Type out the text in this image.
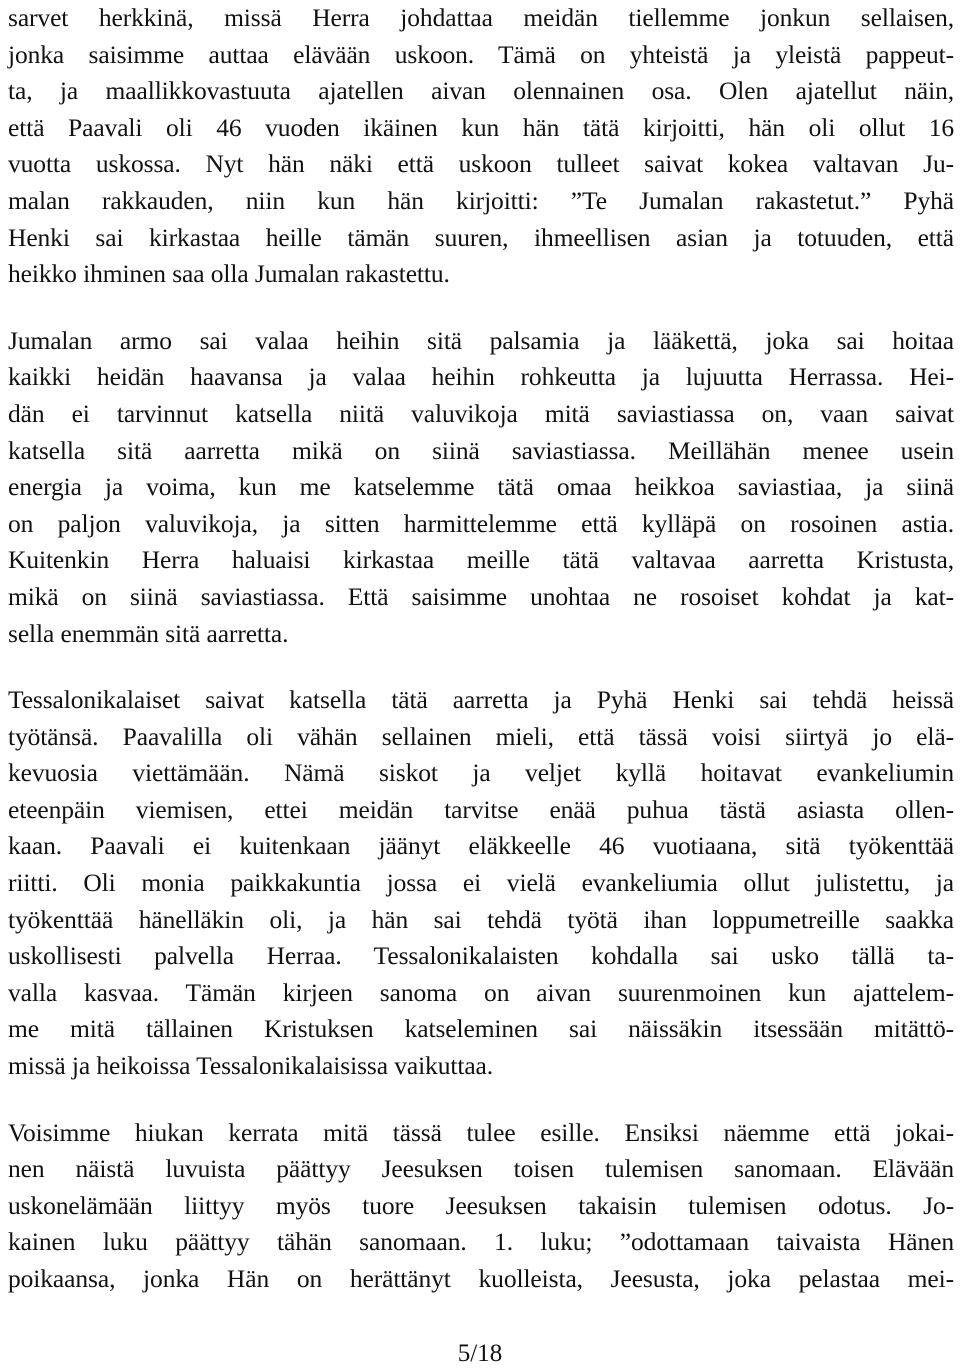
sarvet herkkinä, missä Herra johdattaa meidän tiellemme jonkun sellaisen,
jonka saisimme auttaa elävään uskoon. Tämä on yhteistä ja yleistä pappeut-
ta, ja maallikkovastuuta ajatellen aivan olennainen osa. Olen ajatellut näin,
että Paavali oli 46 vuoden ikäinen kun hän tätä kirjoitti, hän oli ollut 16
vuotta uskossa. Nyt hän näki että uskoon tulleet saivat kokea valtavan Ju-
malan rakkauden, niin kun hän kirjoitti: ”Te Jumalan rakastetut.” Pyhä
Henki sai kirkastaa heille tämän suuren, ihmeellisen asian ja totuuden, että
heikko ihminen saa olla Jumalan rakastettu.
Jumalan armo sai valaa heihin sitä palsamia ja lääkettä, joka sai hoitaa
kaikki heidän haavansa ja valaa heihin rohkeutta ja lujuutta Herrassa. Hei-
dän ei tarvinnut katsella niitä valuvikoja mitä saviastiassa on, vaan saivat
katsella sitä aarretta mikä on siinä saviastiassa. Meillähän menee usein
energia ja voima, kun me katselemme tätä omaa heikkoa saviastiaa, ja siinä
on paljon valuvikoja, ja sitten harmittelemme että kylläpä on rosoinen astia.
Kuitenkin Herra haluaisi kirkastaa meille tätä valtavaa aarretta Kristusta,
mikä on siinä saviastiassa. Että saisimme unohtaa ne rosoiset kohdat ja kat-
sella enemmän sitä aarretta.
Tessalonikalaiset saivat katsella tätä aarretta ja Pyhä Henki sai tehdä heissä
työtänsä. Paavalilla oli vähän sellainen mieli, että tässä voisi siirtyä jo elä-
kevuosia viettämään. Nämä siskot ja veljet kyllä hoitavat evankeliumin
eteenpäin viemisen, ettei meidän tarvitse enää puhua tästä asiasta ollen-
kaan. Paavali ei kuitenkaan jäänyt eläkkeelle 46 vuotiaana, sitä työkenttää
riitti. Oli monia paikkakuntia jossa ei vielä evankeliumia ollut julistettu, ja
työkenttää hänelläkin oli, ja hän sai tehdä työtä ihan loppumetreille saakka
uskollisesti palvella Herraa. Tessalonikalaisten kohdalla sai usko tällä ta-
valla kasvaa. Tämän kirjeen sanoma on aivan suurenmoinen kun ajattelem-
me mitä tällainen Kristuksen katseleminen sai näissäkin itsessään mitättö-
missä ja heikoissa Tessalonikalaisissa vaikuttaa.
Voisimme hiukan kerrata mitä tässä tulee esille. Ensiksi näemme että jokai-
nen näistä luvuista päättyy Jeesuksen toisen tulemisen sanomaan. Elävään
uskonelämään liittyy myös tuore Jeesuksen takaisin tulemisen odotus. Jo-
kainen luku päättyy tähän sanomaan. 1. luku; ”odottamaan taivaista Hänen
poikaansa, jonka Hän on herättänyt kuolleista, Jeesusta, joka pelastaa mei-
5/18
